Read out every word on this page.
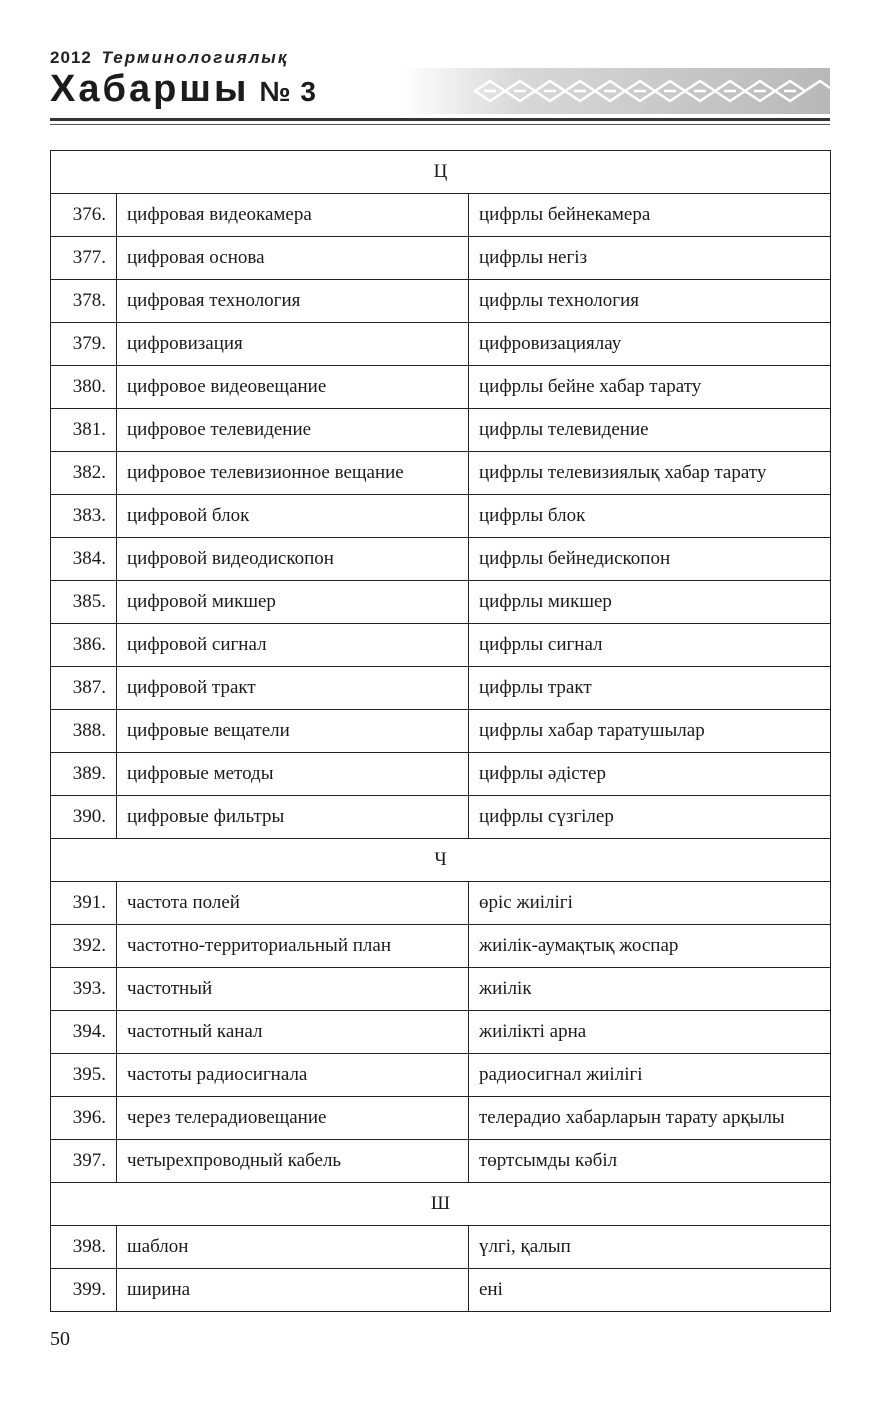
2012 Терминологиялық
Хабаршы № 3
Ц		
376.	цифровая видеокамера	цифрлы бейнекамера
377.	цифровая основа	цифрлы негіз
378.	цифровая технология	цифрлы технология
379.	цифровизация	цифровизациялау
380.	цифровое видеовещание	цифрлы бейне хабар тарату
381.	цифровое телевидение	цифрлы телевидение
382.	цифровое телевизионное вещание	цифрлы телевизиялық хабар тарату
383.	цифровой блок	цифрлы блок
384.	цифровой видеодископон	цифрлы бейнедископон
385.	цифровой микшер	цифрлы микшер
386.	цифровой сигнал	цифрлы сигнал
387.	цифровой тракт	цифрлы тракт
388.	цифровые вещатели	цифрлы хабар таратушылар
389.	цифровые методы	цифрлы әдістер
390.	цифровые фильтры	цифрлы сүзгілер
Ч		
391.	частота полей	өріс жиілігі
392.	частотно-территориальный план	жиілік-аумақтық жоспар
393.	частотный	жиілік
394.	частотный канал	жиілікті арна
395.	частоты радиосигнала	радиосигнал жиілігі
396.	через телерадиовещание	телерадио хабарларын тарату арқылы
397.	четырехпроводный кабель	төртсымды кәбіл
Ш		
398.	шаблон	үлгі, қалып
399.	ширина	ені
50
